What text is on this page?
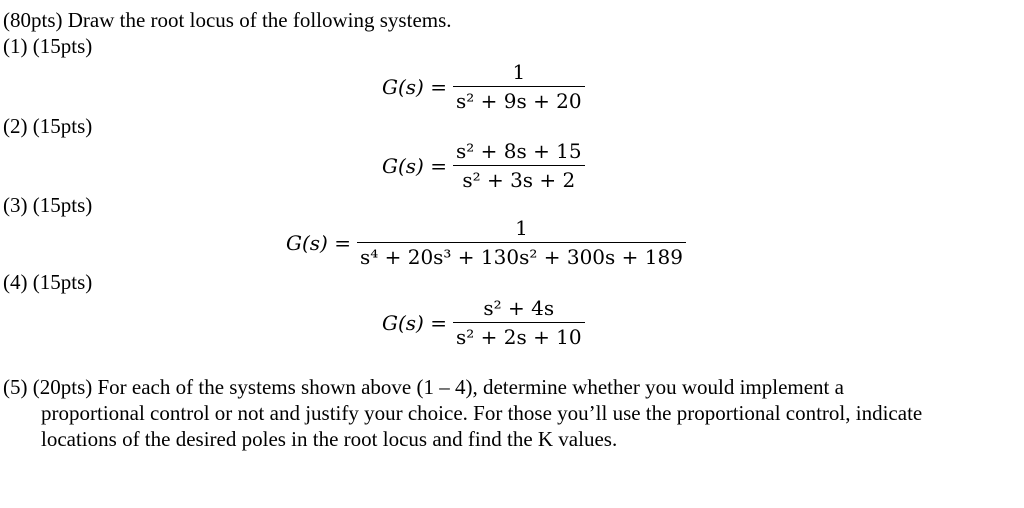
(80pts) Draw the root locus of the following systems.
(1) (15pts)
$G(s) = \frac{1}{\text{s² + 9s + 20}}$
(2) (15pts)
$G(s) = \frac{\text{s² + 8s + 15}}{\text{s² + 3s + 2}}$
(3) (15pts)
$G(s) = \frac{1}{\text{s⁴ + 20s³ + 130s² + 300s + 189}}$
(4) (15pts)
$G(s) = \frac{\text{s² + 4s}}{\text{s² + 2s + 10}}$
(5) (20pts) For each of the systems shown above (1 – 4), determine whether you would implement a
proportional control or not and justify your choice. For those you’ll use the proportional control, indicate
locations of the desired poles in the root locus and find the K values.
